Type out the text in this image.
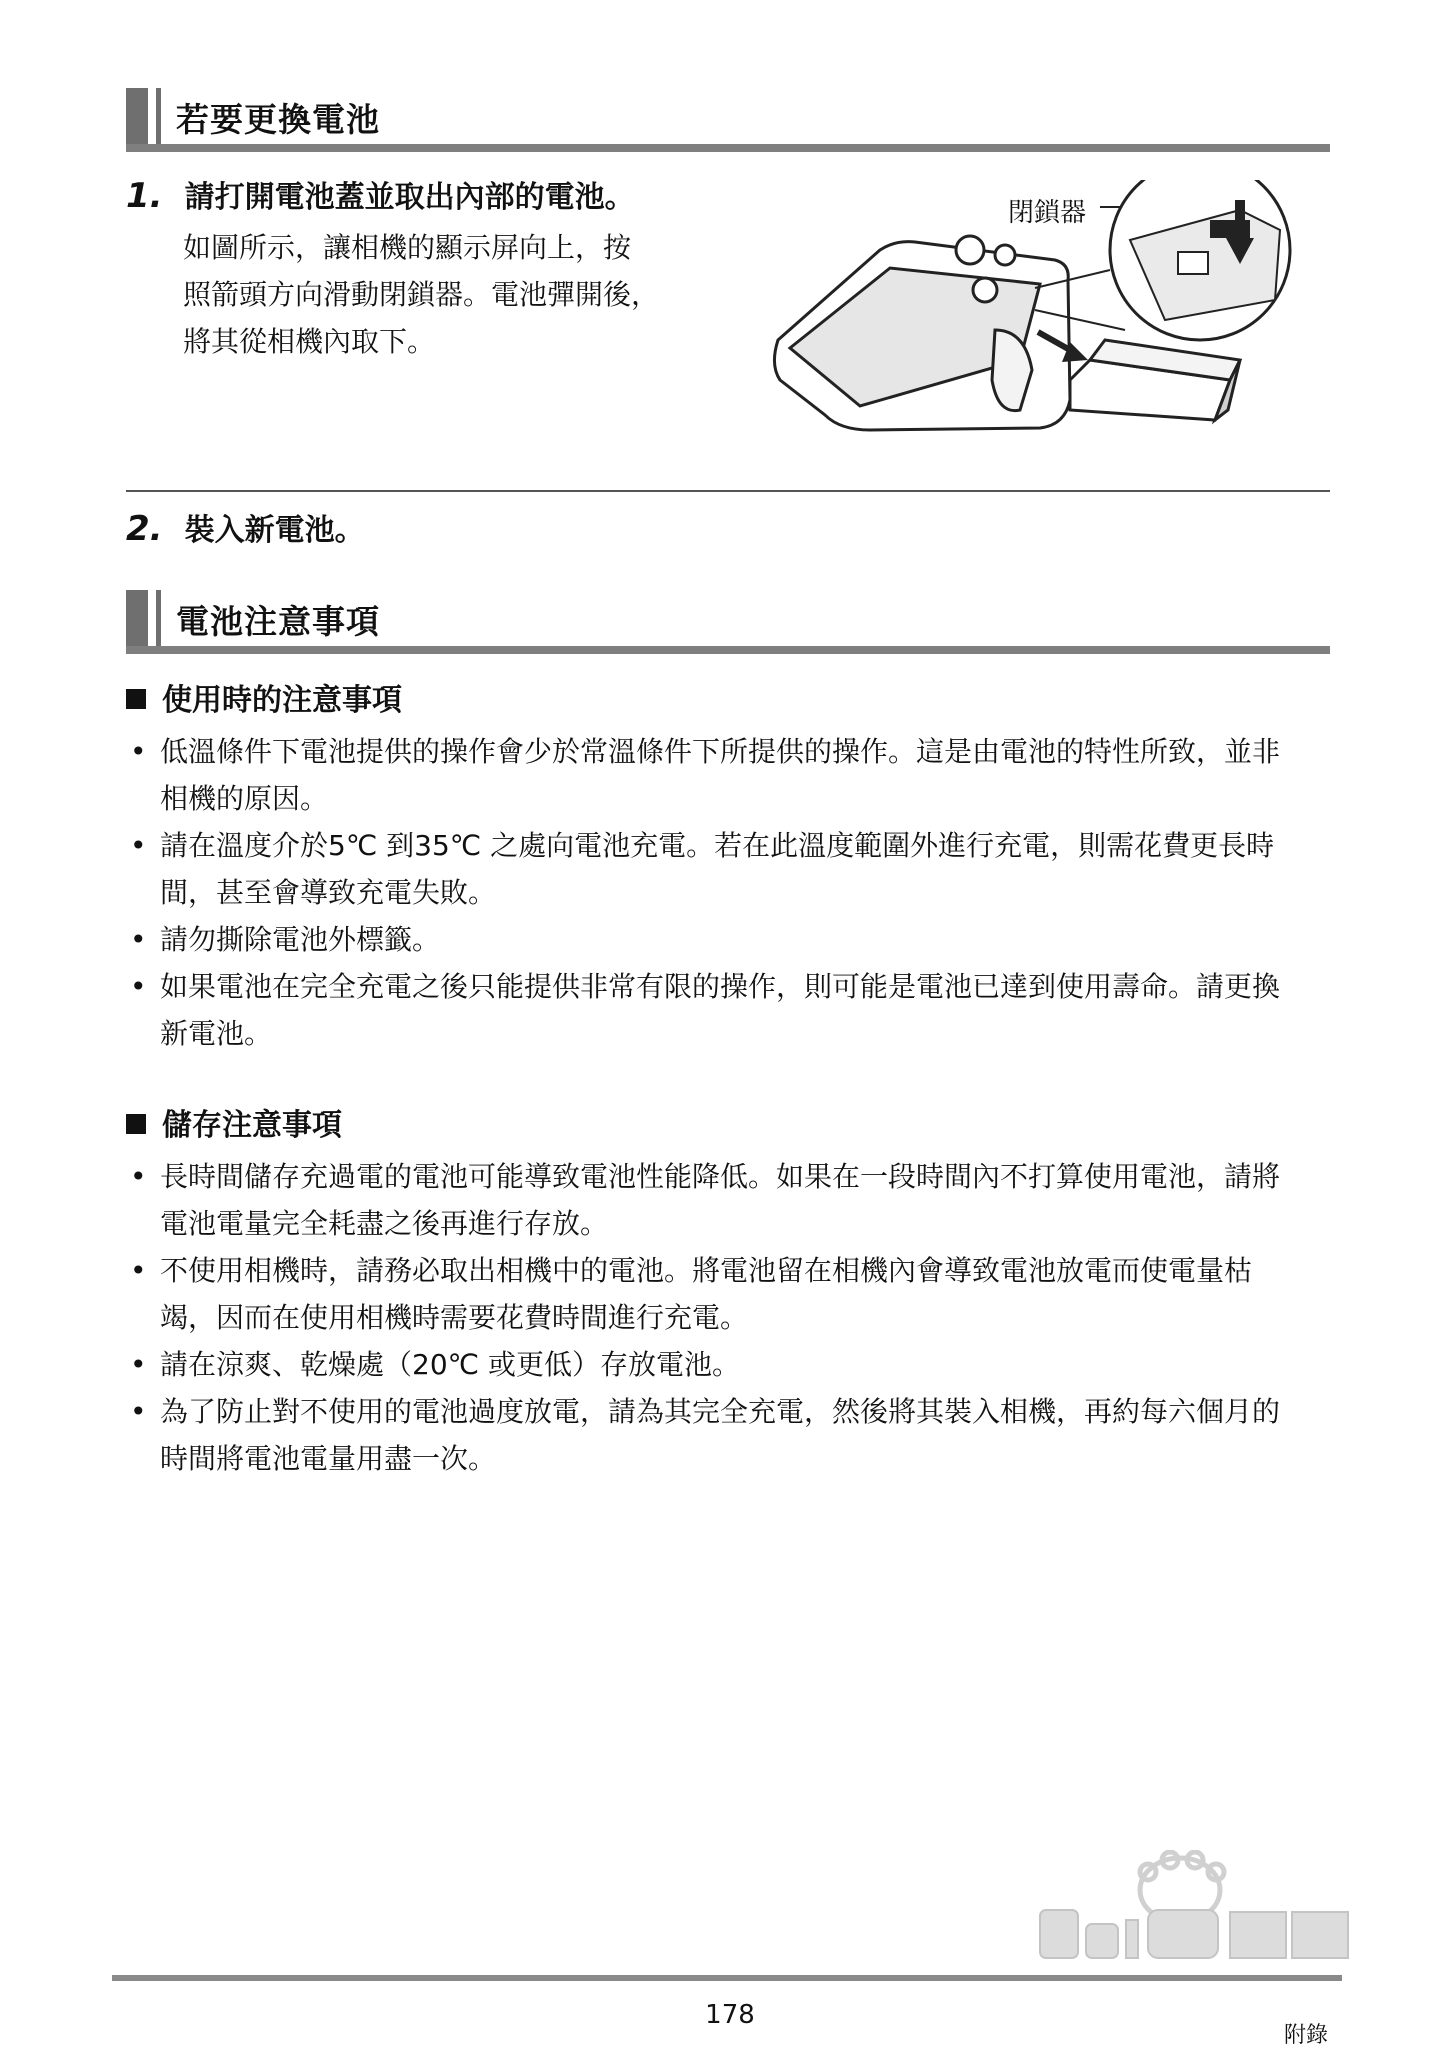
若要更換電池
1. 請打開電池蓋並取出內部的電池。
如圖所示，讓相機的顯示屏向上，按
照箭頭方向滑動閉鎖器。電池彈開後，
將其從相機內取下。
閉鎖器
2. 裝入新電池。
電池注意事項
使用時的注意事項
• 低溫條件下電池提供的操作會少於常溫條件下所提供的操作。這是由電池的特性所致，並非相機的原因。
• 請在溫度介於5℃ 到35℃ 之處向電池充電。若在此溫度範圍外進行充電，則需花費更長時間，甚至會導致充電失敗。
• 請勿撕除電池外標籤。
• 如果電池在完全充電之後只能提供非常有限的操作，則可能是電池已達到使用壽命。請更換新電池。
儲存注意事項
• 長時間儲存充過電的電池可能導致電池性能降低。如果在一段時間內不打算使用電池，請將電池電量完全耗盡之後再進行存放。
• 不使用相機時，請務必取出相機中的電池。將電池留在相機內會導致電池放電而使電量枯竭，因而在使用相機時需要花費時間進行充電。
• 請在涼爽、乾燥處（20℃ 或更低）存放電池。
• 為了防止對不使用的電池過度放電，請為其完全充電，然後將其裝入相機，再約每六個月的時間將電池電量用盡一次。
178
附錄
